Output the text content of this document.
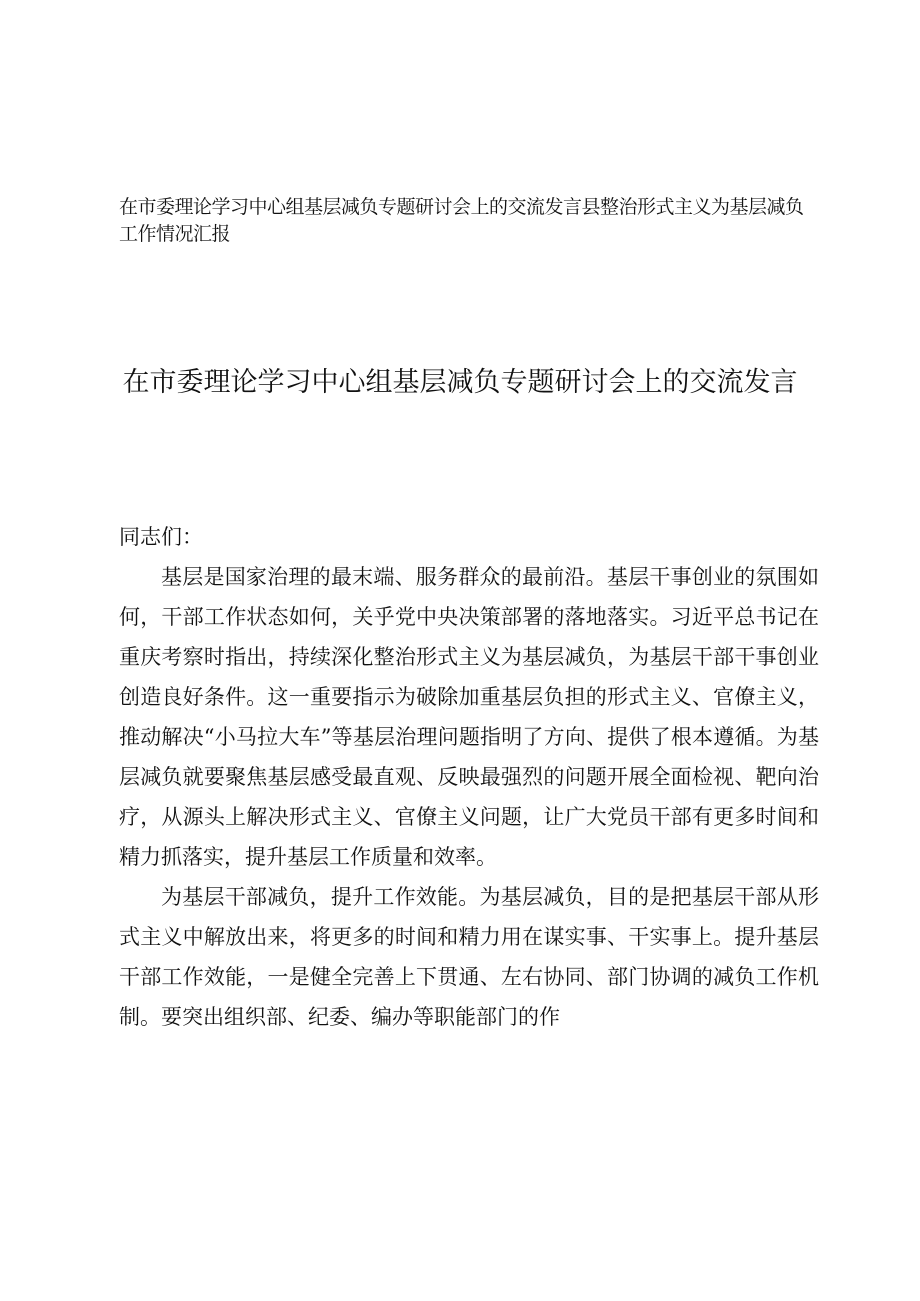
在市委理论学习中心组基层减负专题研讨会上的交流发言县整治形式主义为基层减负工作情况汇报
在市委理论学习中心组基层减负专题研讨会上的交流发言

同志们：

基层是国家治理的最末端、服务群众的最前沿。基层干事创业的氛围如何，干部工作状态如何，关乎党中央决策部署的落地落实。习近平总书记在重庆考察时指出，持续深化整治形式主义为基层减负，为基层干部干事创业创造良好条件。这一重要指示为破除加重基层负担的形式主义、官僚主义，推动解决“小马拉大车”等基层治理问题指明了方向、提供了根本遵循。为基层减负就要聚焦基层感受最直观、反映最强烈的问题开展全面检视、靶向治疗，从源头上解决形式主义、官僚主义问题，让广大党员干部有更多时间和精力抓落实，提升基层工作质量和效率。

为基层干部减负，提升工作效能。为基层减负，目的是把基层干部从形式主义中解放出来，将更多的时间和精力用在谋实事、干实事上。提升基层干部工作效能，一是健全完善上下贯通、左右协同、部门协调的减负工作机制。要突出组织部、纪委、编办等职能部门的作
